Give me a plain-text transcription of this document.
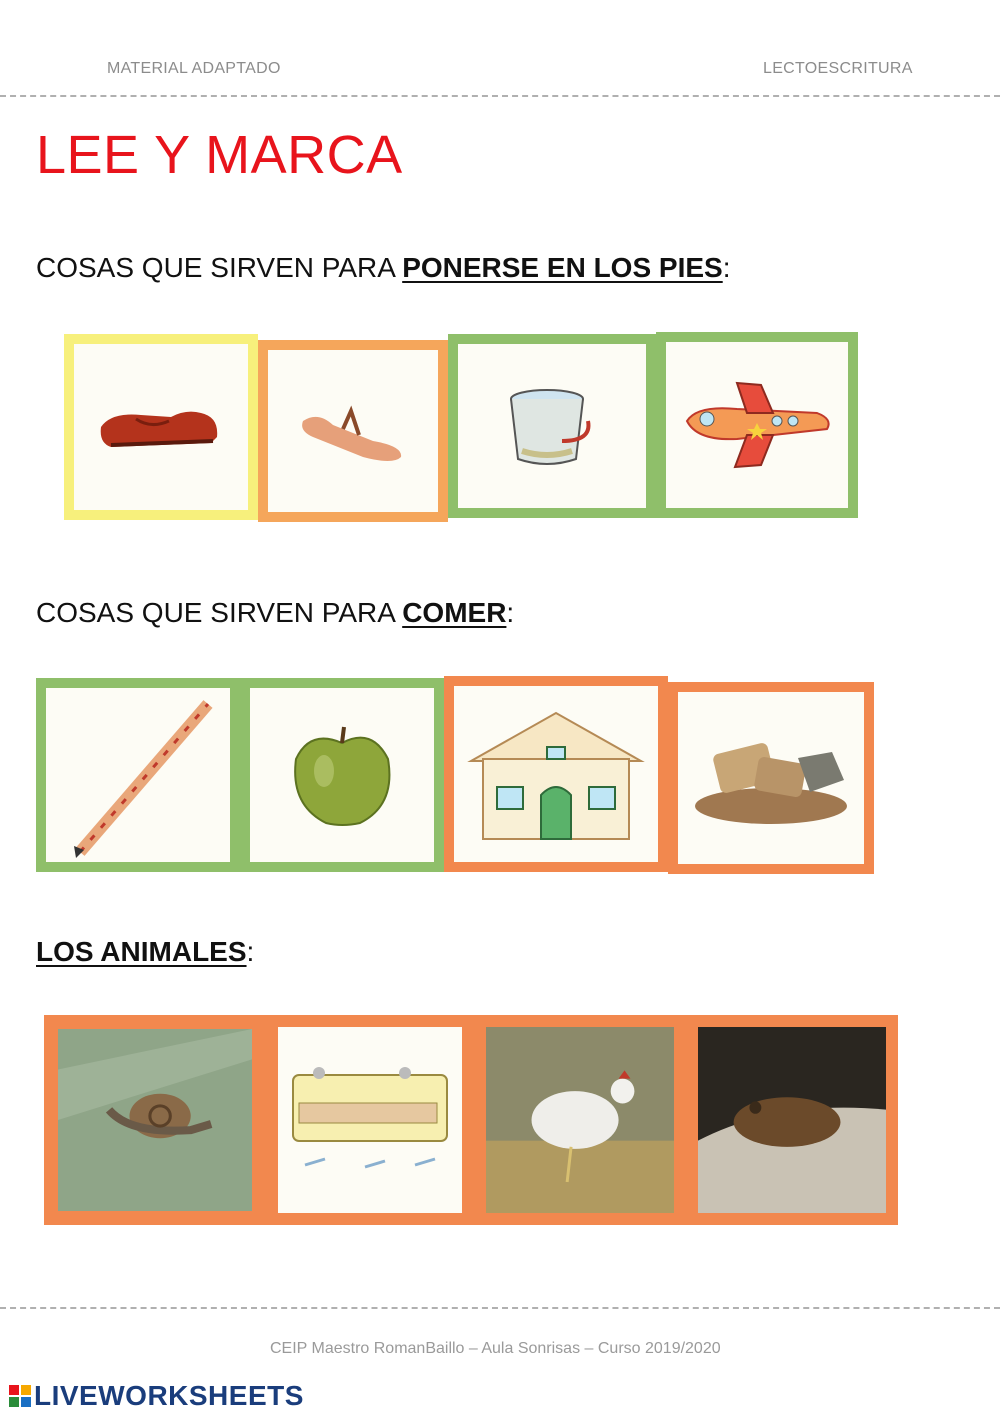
MATERIAL ADAPTADO	LECTOESCRITURA
LEE Y MARCA
COSAS QUE SIRVEN PARA PONERSE EN LOS PIES:
COSAS QUE SIRVEN PARA COMER:
LOS ANIMALES:
CEIP Maestro RomanBaillo – Aula Sonrisas – Curso 2019/2020
LIVEWORKSHEETS
